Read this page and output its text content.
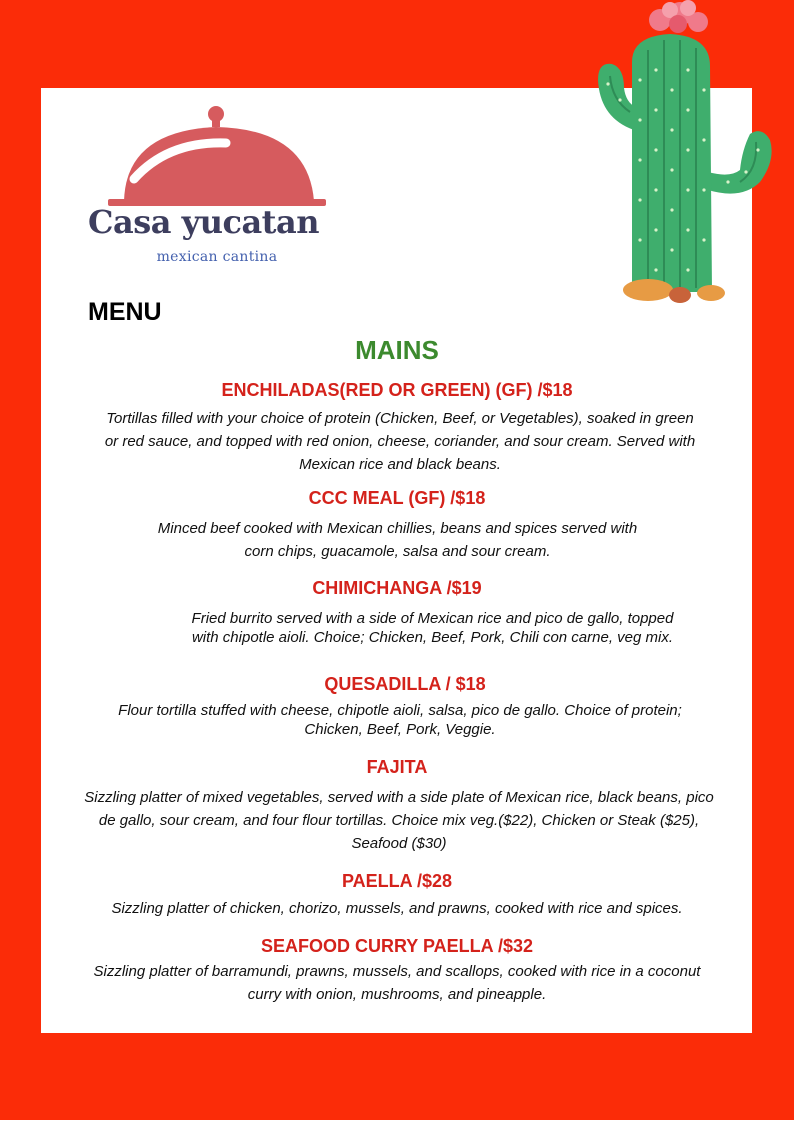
Casa yucatan

mexican cantina
MENU
MAINS
ENCHILADAS(RED OR GREEN) (GF) /$18

Tortillas filled with your choice of protein (Chicken, Beef, or Vegetables), soaked in green or red sauce, and topped with red onion, cheese, coriander, and sour cream. Served with Mexican rice and black beans.

CCC MEAL (GF) /$18

Minced beef cooked with Mexican chillies, beans and spices served with corn chips, guacamole, salsa and sour cream.

CHIMICHANGA /$19

Fried burrito served with a side of Mexican rice and pico de gallo, topped with chipotle aioli. Choice; Chicken, Beef, Pork, Chili con carne, veg mix.

QUESADILLA / $18

Flour tortilla stuffed with cheese, chipotle aioli, salsa, pico de gallo. Choice of protein; Chicken, Beef, Pork, Veggie.

FAJITA

Sizzling platter of mixed vegetables, served with a side plate of Mexican rice, black beans, pico de gallo, sour cream, and four flour tortillas. Choice mix veg.($22), Chicken or Steak ($25), Seafood ($30)

PAELLA /$28

Sizzling platter of chicken, chorizo, mussels, and prawns, cooked with rice and spices.

SEAFOOD CURRY PAELLA /$32

Sizzling platter of barramundi, prawns, mussels, and scallops, cooked with rice in a coconut curry with onion, mushrooms, and pineapple.
